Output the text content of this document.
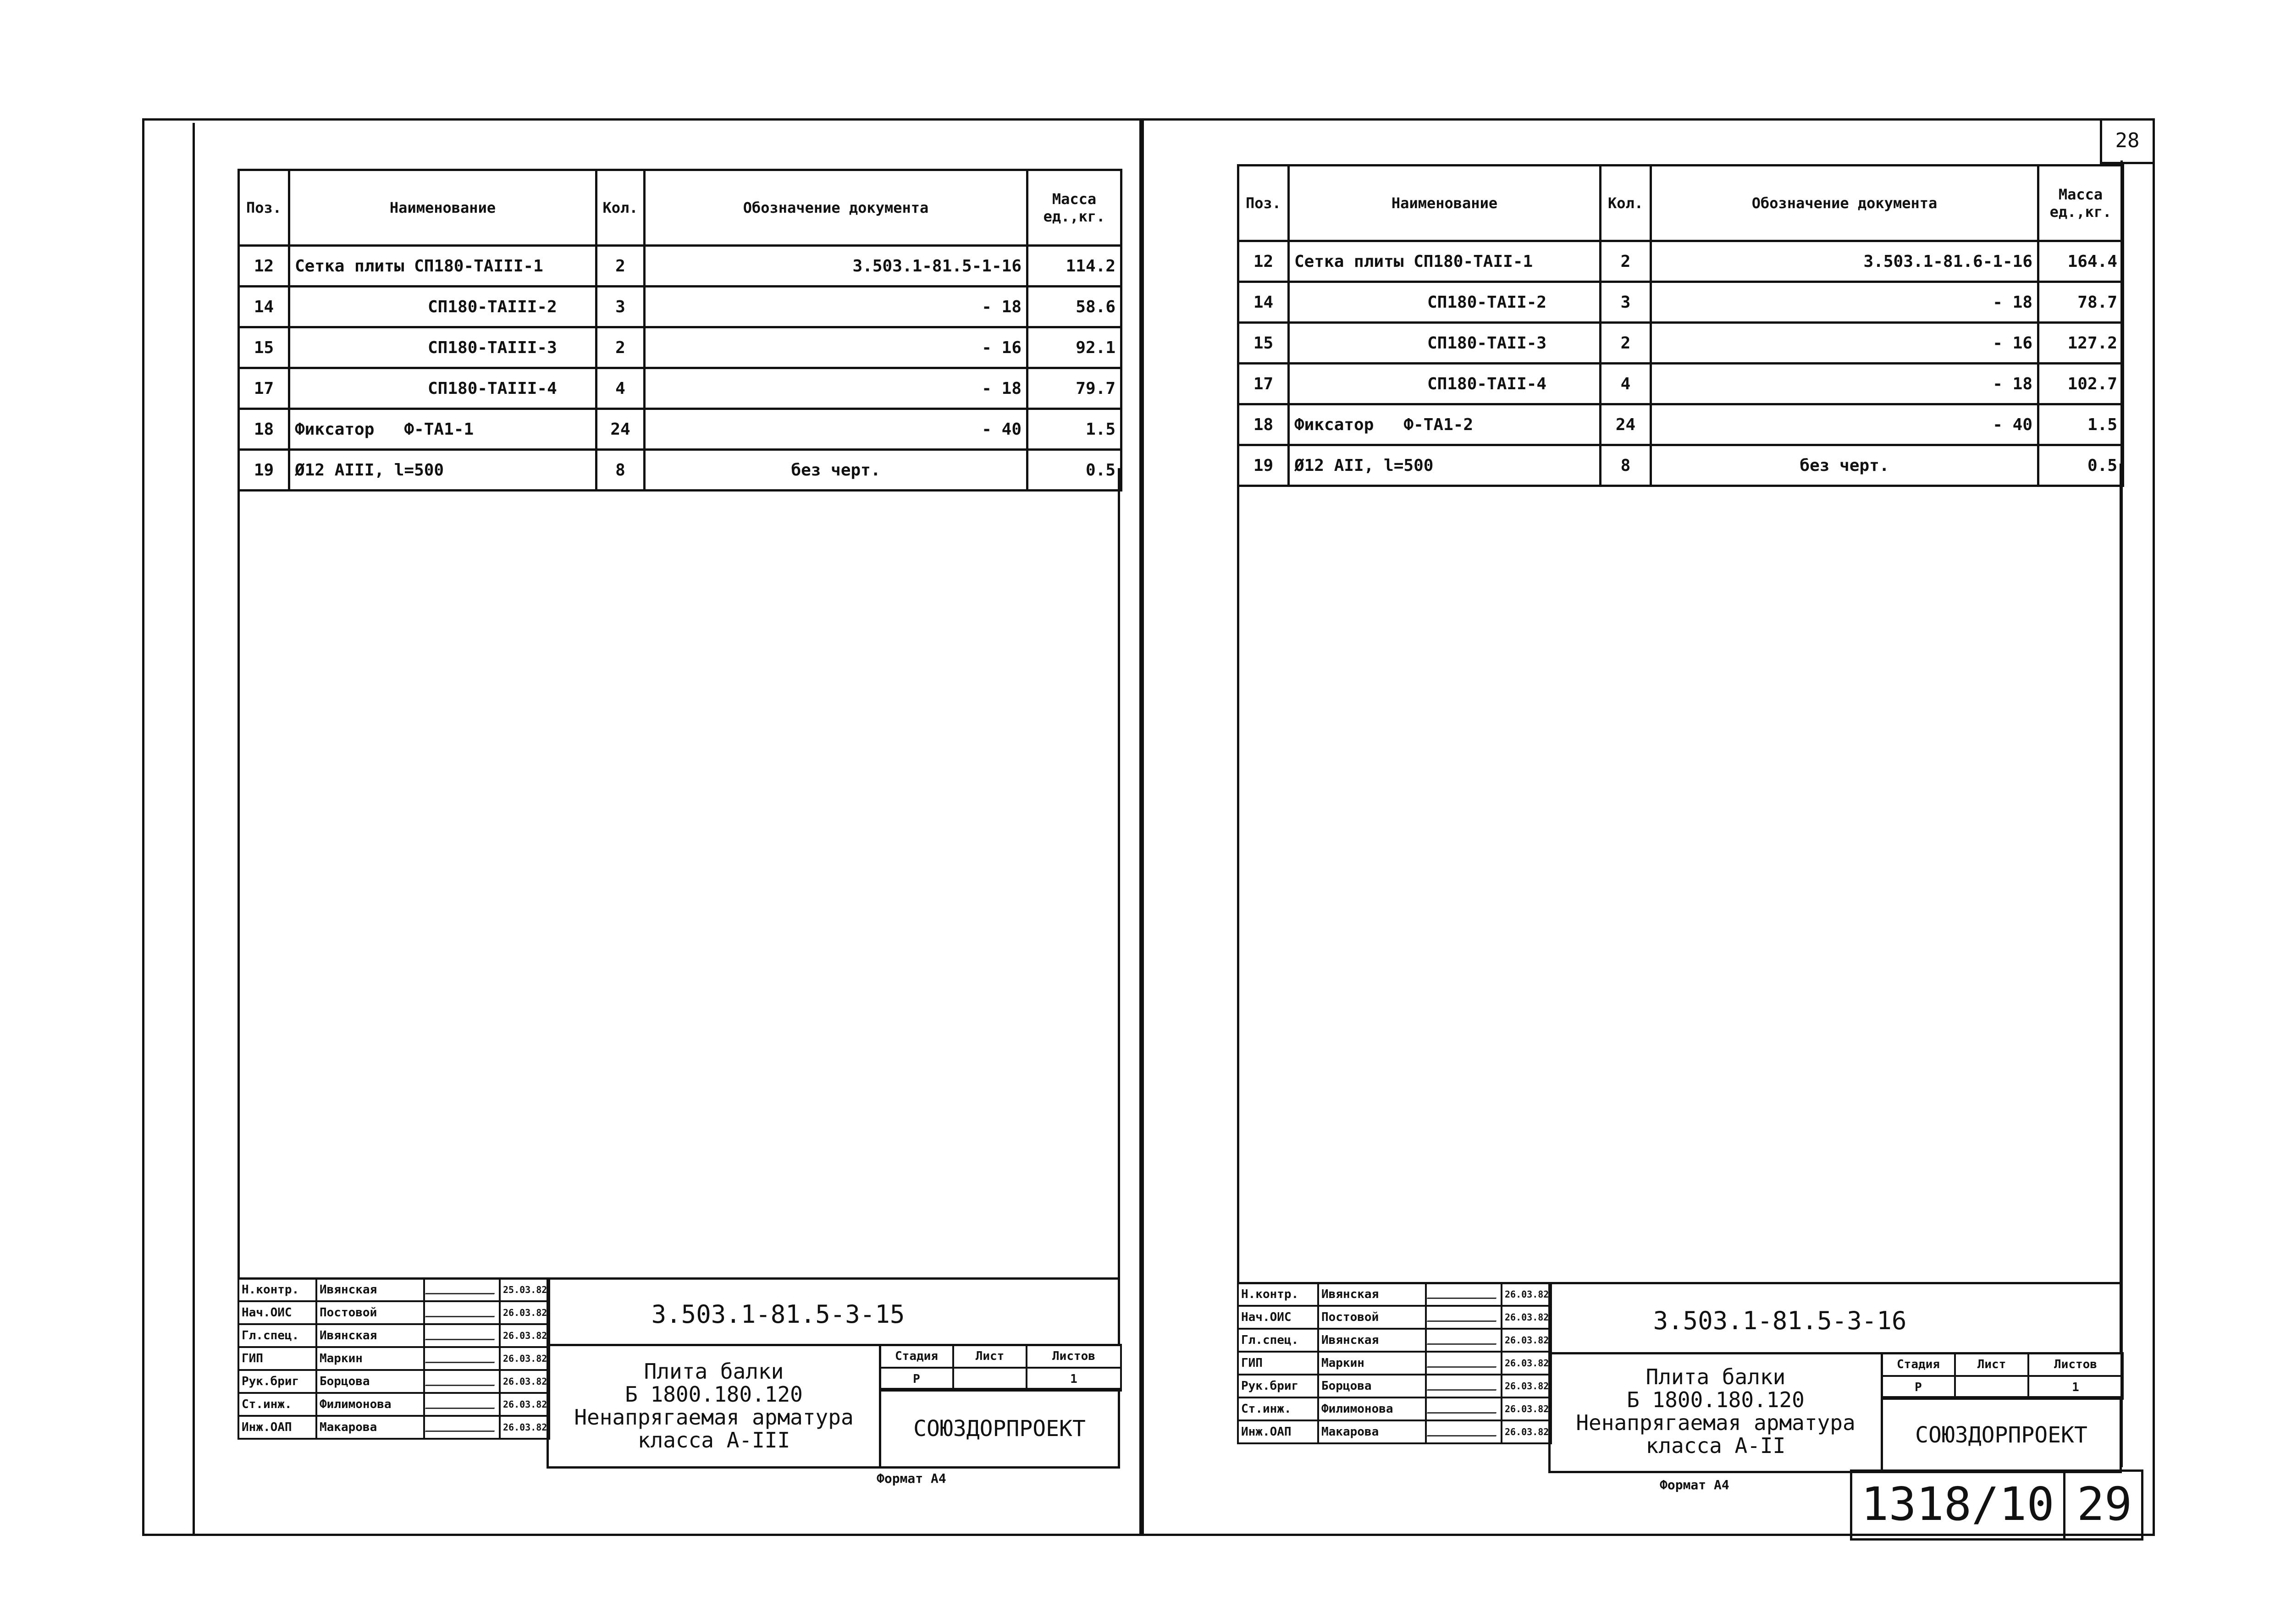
28
Поз.	Наименование	Кол.	Обозначение документа	Масса ед.,кг.
12	Сетка плиты СП180-ТАIII-1	2	3.503.1-81.5-1-16	114.2
14	СП180-ТАIII-2	3	- 18	58.6
15	СП180-ТАIII-3	2	- 16	92.1
17	СП180-ТАIII-4	4	- 18	79.7
18	Фиксатор   Ф-ТА1-1	24	- 40	1.5
19	Ø12 АIII, l=500	8	без черт.	0.5
Н.контр.	Ивянская		25.03.82
Нач.ОИС	Постовой		26.03.82
Гл.спец.	Ивянская		26.03.82
ГИП	Маркин		26.03.82
Рук.бриг	Борцова		26.03.82
Ст.инж.	Филимонова		26.03.82
Инж.ОАП	Макарова		26.03.82
3.503.1-81.5-3-15
Плита балки
Б 1800.180.120
Ненапрягаемая арматура
класса А-III
Стадия	Лист	Листов
Р		1
СОЮЗДОРПРОЕКТ
Формат А4
Поз.	Наименование	Кол.	Обозначение документа	Масса ед.,кг.
12	Сетка плиты СП180-ТАII-1	2	3.503.1-81.6-1-16	164.4
14	СП180-ТАII-2	3	- 18	78.7
15	СП180-ТАII-3	2	- 16	127.2
17	СП180-ТАII-4	4	- 18	102.7
18	Фиксатор   Ф-ТА1-2	24	- 40	1.5
19	Ø12 АII, l=500	8	без черт.	0.5
Н.контр.	Ивянская		26.03.82
Нач.ОИС	Постовой		26.03.82
Гл.спец.	Ивянская		26.03.82
ГИП	Маркин		26.03.82
Рук.бриг	Борцова		26.03.82
Ст.инж.	Филимонова		26.03.82
Инж.ОАП	Макарова		26.03.82
3.503.1-81.5-3-16
Плита балки
Б 1800.180.120
Ненапрягаемая арматура
класса А-II
Стадия	Лист	Листов
Р		1
СОЮЗДОРПРОЕКТ
Формат А4	1318/10 29
